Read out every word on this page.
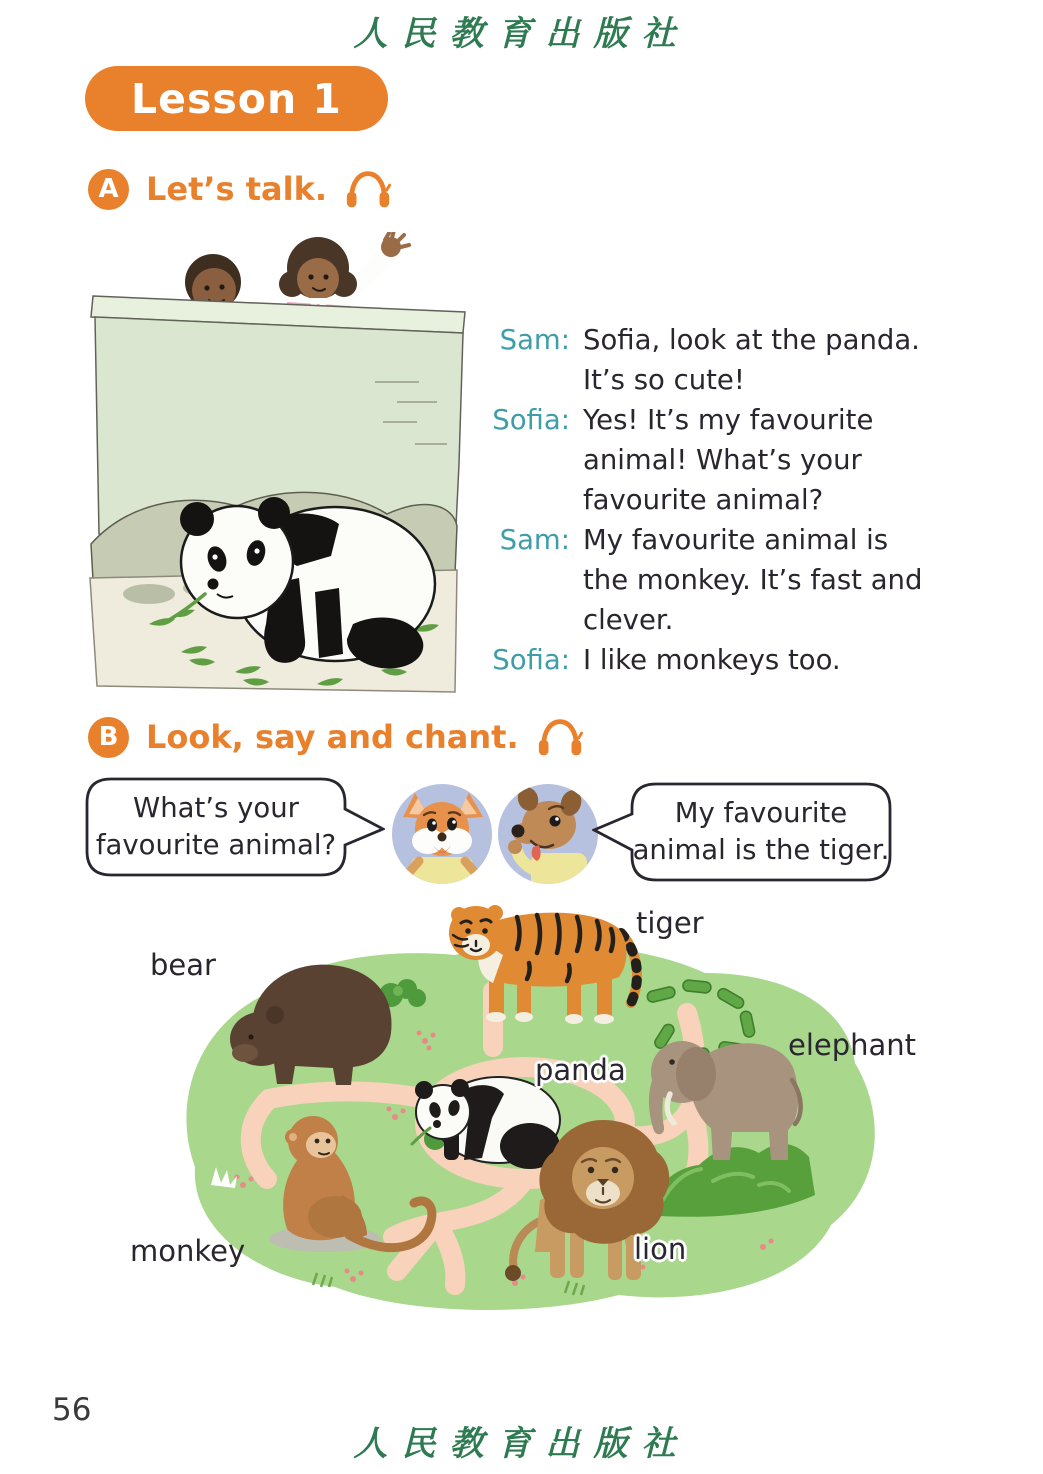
人民教育出版社
Lesson 1
A Let’s talk.
Sam: Sofia, look at the panda.
It’s so cute!
Sofia: Yes! It’s my favourite
animal! What’s your
favourite animal?
Sam: My favourite animal is
the monkey. It’s fast and
clever.
Sofia: I like monkeys too.
B Look, say and chant.
What’s your
favourite animal?
My favourite
animal is the tiger.
bear
tiger
elephant
panda
monkey	lion
56
人民教育出版社
